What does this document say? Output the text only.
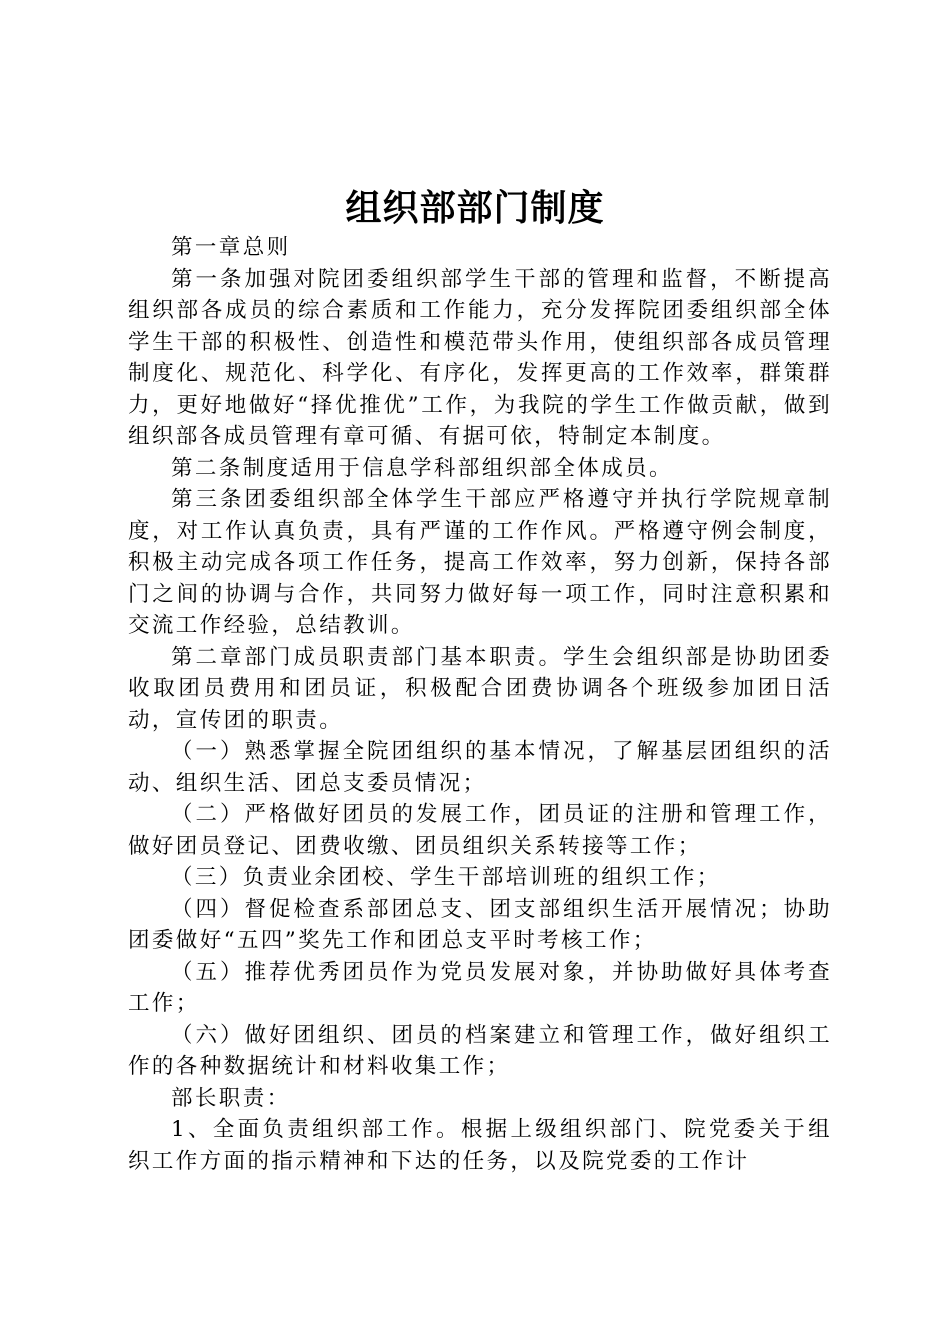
组织部部门制度

第一章总则

第一条加强对院团委组织部学生干部的管理和监督，不断提高组织部各成员的综合素质和工作能力，充分发挥院团委组织部全体学生干部的积极性、创造性和模范带头作用，使组织部各成员管理制度化、规范化、科学化、有序化，发挥更高的工作效率，群策群力，更好地做好“择优推优”工作，为我院的学生工作做贡献，做到组织部各成员管理有章可循、有据可依，特制定本制度。

第二条制度适用于信息学科部组织部全体成员。

第三条团委组织部全体学生干部应严格遵守并执行学院规章制度，对工作认真负责，具有严谨的工作作风。严格遵守例会制度，积极主动完成各项工作任务，提高工作效率，努力创新，保持各部门之间的协调与合作，共同努力做好每一项工作，同时注意积累和交流工作经验，总结教训。

第二章部门成员职责部门基本职责。学生会组织部是协助团委收取团员费用和团员证，积极配合团费协调各个班级参加团日活动，宣传团的职责。

（一）熟悉掌握全院团组织的基本情况，了解基层团组织的活动、组织生活、团总支委员情况；

（二）严格做好团员的发展工作，团员证的注册和管理工作，做好团员登记、团费收缴、团员组织关系转接等工作；

（三）负责业余团校、学生干部培训班的组织工作；

（四）督促检查系部团总支、团支部组织生活开展情况；协助团委做好“五四”奖先工作和团总支平时考核工作；

（五）推荐优秀团员作为党员发展对象，并协助做好具体考查工作；

（六）做好团组织、团员的档案建立和管理工作，做好组织工作的各种数据统计和材料收集工作；

部长职责：

1、全面负责组织部工作。根据上级组织部门、院党委关于组织工作方面的指示精神和下达的任务，以及院党委的工作计
